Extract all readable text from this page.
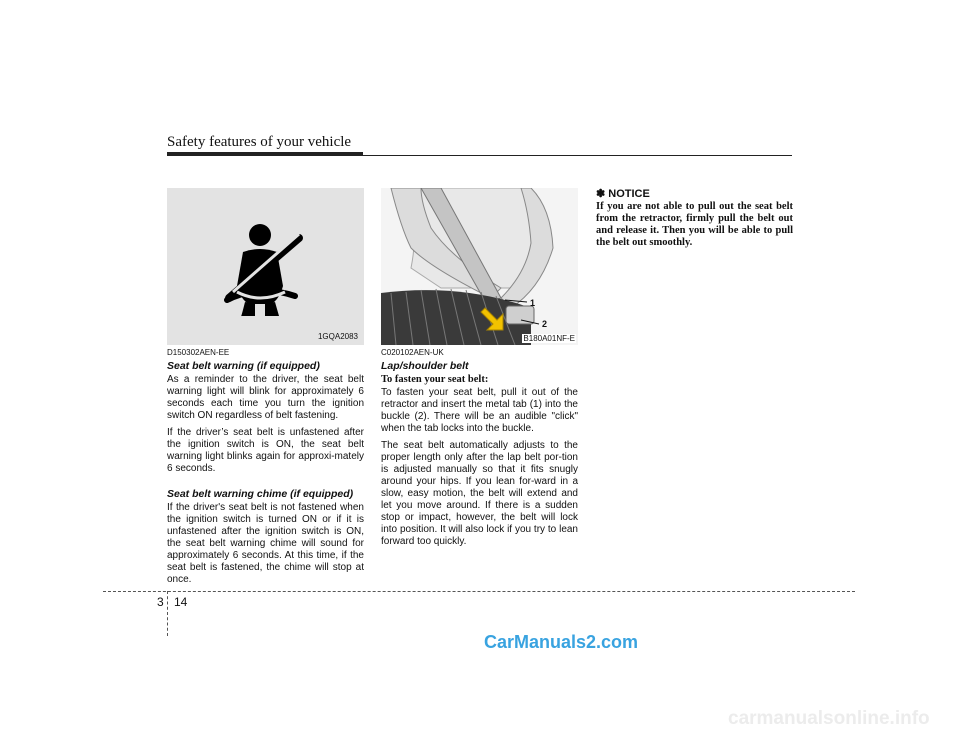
Safety features of your vehicle
1GQA2083
D150302AEN-EE
Seat belt warning (if equipped)

As a reminder to the driver, the seat belt warning light will blink for approximately 6 seconds each time you turn the ignition switch ON regardless of belt fastening.

If the driver’s seat belt is unfastened after the ignition switch is ON, the seat belt warning light blinks again for approxi-mately 6 seconds.

Seat belt warning chime (if equipped)

If the driver's seat belt is not fastened when the ignition switch is turned ON or if it is unfastened after the ignition switch is ON, the seat belt warning chime will sound for approximately 6 seconds. At this time, if the seat belt is fastened, the chime will stop at once.

1
2
B180A01NF-E
C020102AEN-UK
Lap/shoulder belt
To fasten your seat belt:

To fasten your seat belt, pull it out of the retractor and insert the metal tab (1) into the buckle (2). There will be an audible "click" when the tab locks into the buckle.

The seat belt automatically adjusts to the proper length only after the lap belt por-tion is adjusted manually so that it fits snugly around your hips. If you lean for-ward in a slow, easy motion, the belt will extend and let you move around. If there is a sudden stop or impact, however, the belt will lock into position. It will also lock if you try to lean forward too quickly.

✽ NOTICE
If you are not able to pull out the seat belt from the retractor, firmly pull the belt out and release it. Then you will be able to pull the belt out smoothly.
3 14
CarManuals2.com
carmanualsonline.info
